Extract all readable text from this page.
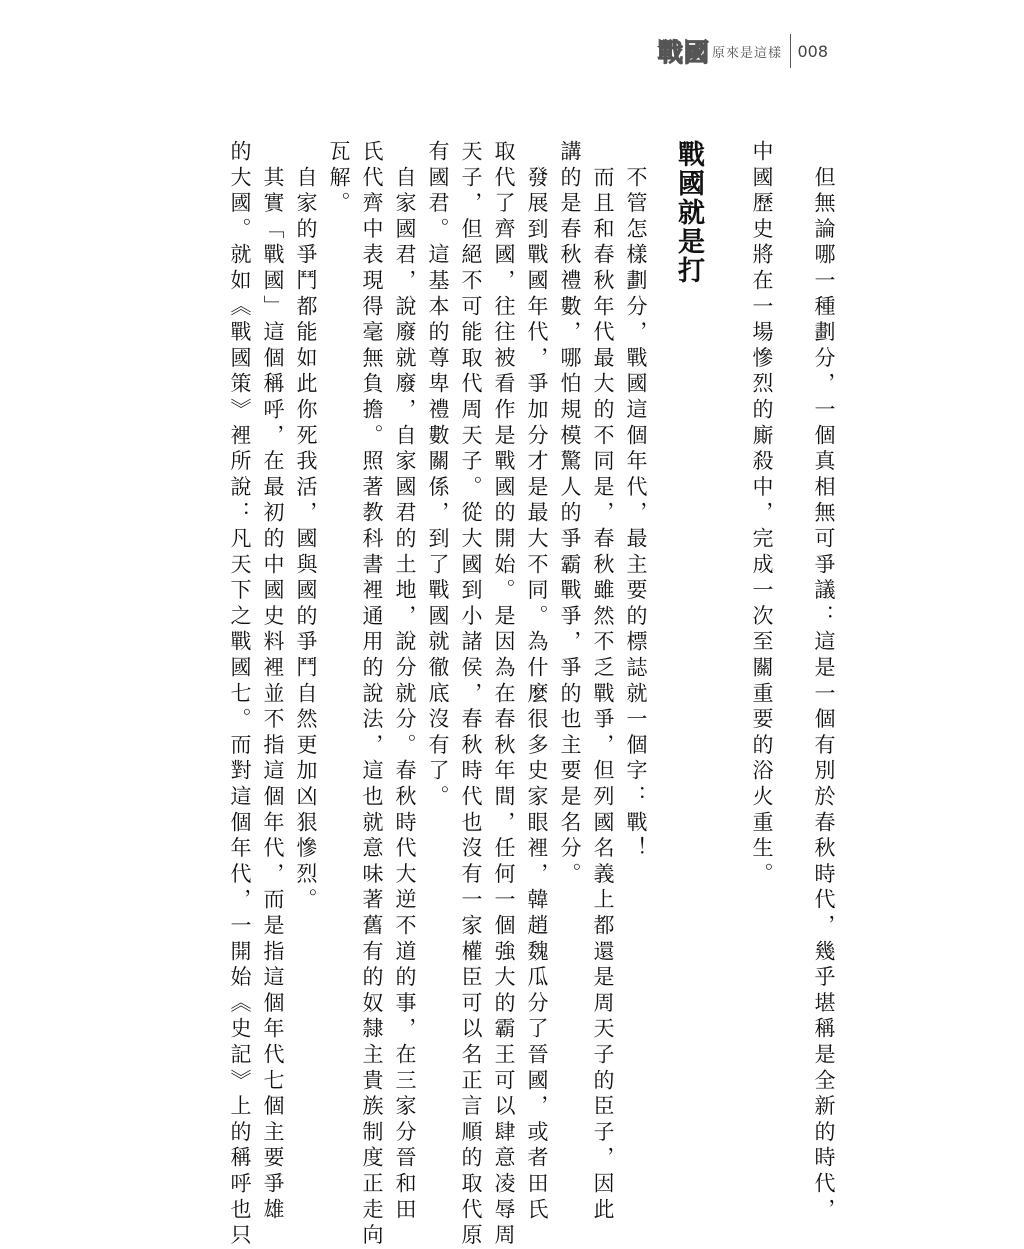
戰國 原來是這樣 008
　但無論哪一種劃分，一個真相無可爭議：這是一個有別於春秋時代，幾乎堪稱是全新的時代，
中國歷史將在一場慘烈的廝殺中，完成一次至關重要的浴火重生。
戰國就是打
　不管怎樣劃分，戰國這個年代，最主要的標誌就一個字：戰！
　而且和春秋年代最大的不同是，春秋雖然不乏戰爭，但列國名義上都還是周天子的臣子，因此
講的是春秋禮數，哪怕規模驚人的爭霸戰爭，爭的也主要是名分。
　發展到戰國年代，爭加分才是最大不同。為什麼很多史家眼裡，韓趙魏瓜分了晉國，或者田氏
取代了齊國，往往被看作是戰國的開始。是因為在春秋年間，任何一個強大的霸王可以肆意凌辱周
天子，但絕不可能取代周天子。從大國到小諸侯，春秋時代也沒有一家權臣可以名正言順的取代原
有國君。這基本的尊卑禮數關係，到了戰國就徹底沒有了。
　自家國君，說廢就廢，自家國君的土地，說分就分。春秋時代大逆不道的事，在三家分晉和田
氏代齊中表現得毫無負擔。照著教科書裡通用的說法，這也就意味著舊有的奴隸主貴族制度正走向
瓦解。
　自家的爭鬥都能如此你死我活，國與國的爭鬥自然更加凶狠慘烈。
　其實「戰國」這個稱呼，在最初的中國史料裡並不指這個年代，而是指這個年代七個主要爭雄
的大國。就如《戰國策》裡所說：凡天下之戰國七。而對這個年代，一開始《史記》上的稱呼也只
